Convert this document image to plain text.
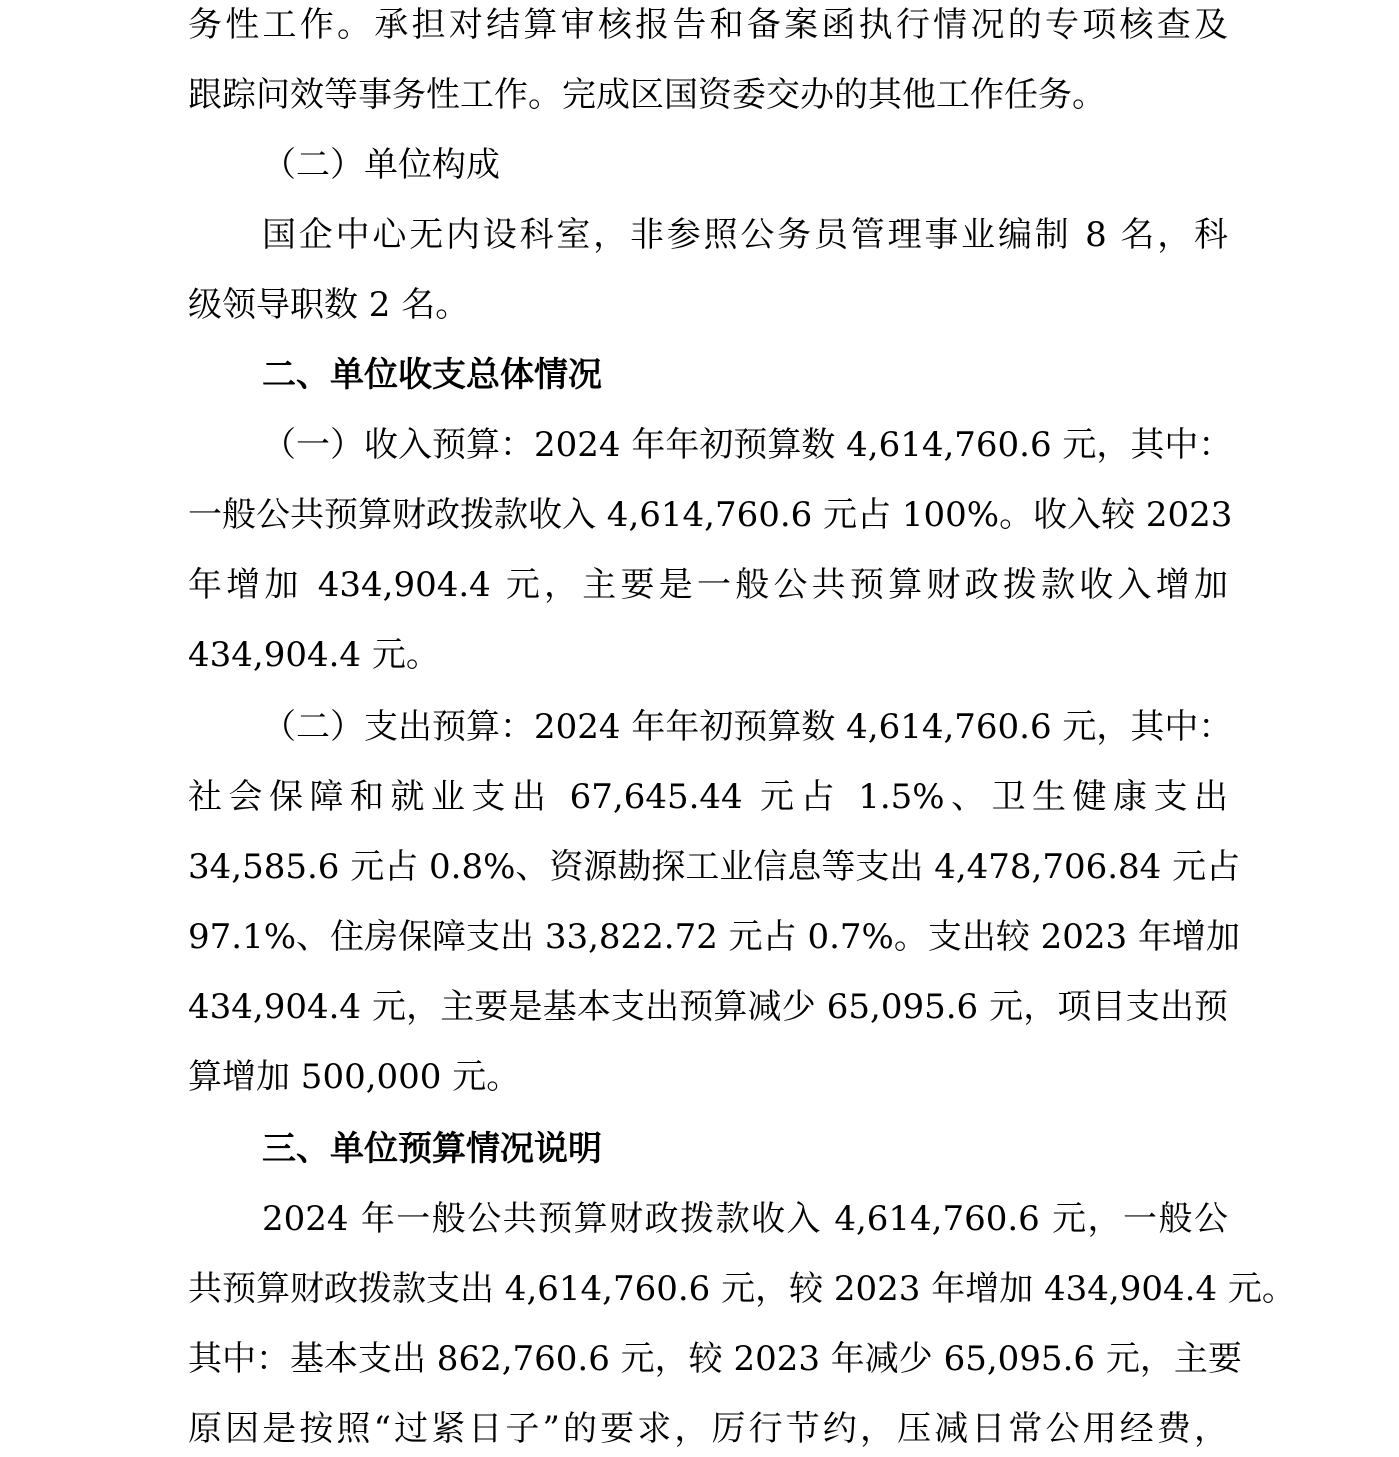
务性工作。承担对结算审核报告和备案函执行情况的专项核查及
跟踪问效等事务性工作。完成区国资委交办的其他工作任务。
（二）单位构成
国企中心无内设科室，非参照公务员管理事业编制 8 名，科
级领导职数 2 名。
二、单位收支总体情况
（一）收入预算：2024 年年初预算数 4,614,760.6 元，其中：
一般公共预算财政拨款收入 4,614,760.6 元占 100%。收入较 2023
年增加 434,904.4 元，主要是一般公共预算财政拨款收入增加
434,904.4 元。
（二）支出预算：2024 年年初预算数 4,614,760.6 元，其中：
社会保障和就业支出 67,645.44 元占 1.5%、卫生健康支出
34,585.6 元占 0.8%、资源勘探工业信息等支出 4,478,706.84 元占
97.1%、住房保障支出 33,822.72 元占 0.7%。支出较 2023 年增加
434,904.4 元，主要是基本支出预算减少 65,095.6 元，项目支出预
算增加 500,000 元。
三、单位预算情况说明
2024 年一般公共预算财政拨款收入 4,614,760.6 元，一般公
共预算财政拨款支出 4,614,760.6 元，较 2023 年增加 434,904.4 元。
其中：基本支出 862,760.6 元，较 2023 年减少 65,095.6 元，主要
原因是按照“过紧日子”的要求，厉行节约，压减日常公用经费，
